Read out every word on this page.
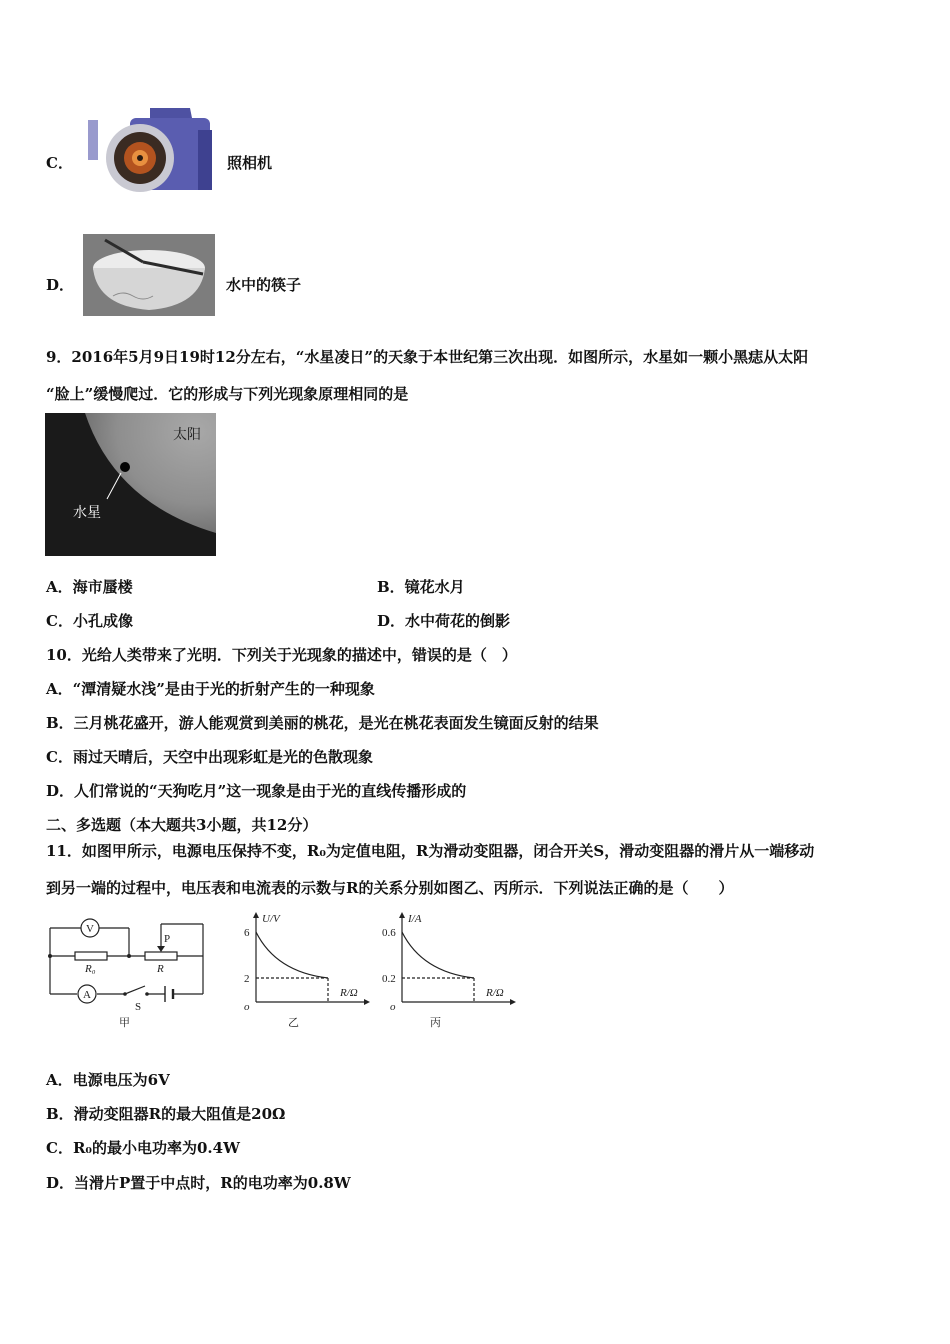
C．	照相机
D．	水中的筷子
9．2016年5月9日19时12分左右，“水星凌日”的天象于本世纪第三次出现．如图所示，水星如一颗小黑痣从太阳
“脸上”缓慢爬过．它的形成与下列光现象原理相同的是
太阳
水星
A．海市蜃楼	B．镜花水月
C．小孔成像	D．水中荷花的倒影
10．光给人类带来了光明．下列关于光现象的描述中，错误的是（　）
A．“潭清疑水浅”是由于光的折射产生的一种现象
B．三月桃花盛开，游人能观赏到美丽的桃花，是光在桃花表面发生镜面反射的结果
C．雨过天晴后，天空中出现彩虹是光的色散现象
D．人们常说的“天狗吃月”这一现象是由于光的直线传播形成的
二、多选题（本大题共3小题，共12分）
11．如图甲所示，电源电压保持不变，R₀为定值电阻，R为滑动变阻器，闭合开关S，滑动变阻器的滑片从一端移动
到另一端的过程中，电压表和电流表的示数与R的关系分别如图乙、丙所示．下列说法正确的是（　　）
V
A
R₀	R
P
S
甲
U/V
6
2
o
R/Ω
乙
I/A
0.6
0.2
o
R/Ω
丙
A．电源电压为6V
B．滑动变阻器R的最大阻值是20Ω
C．R₀的最小电功率为0.4W
D．当滑片P置于中点时，R的电功率为0.8W
